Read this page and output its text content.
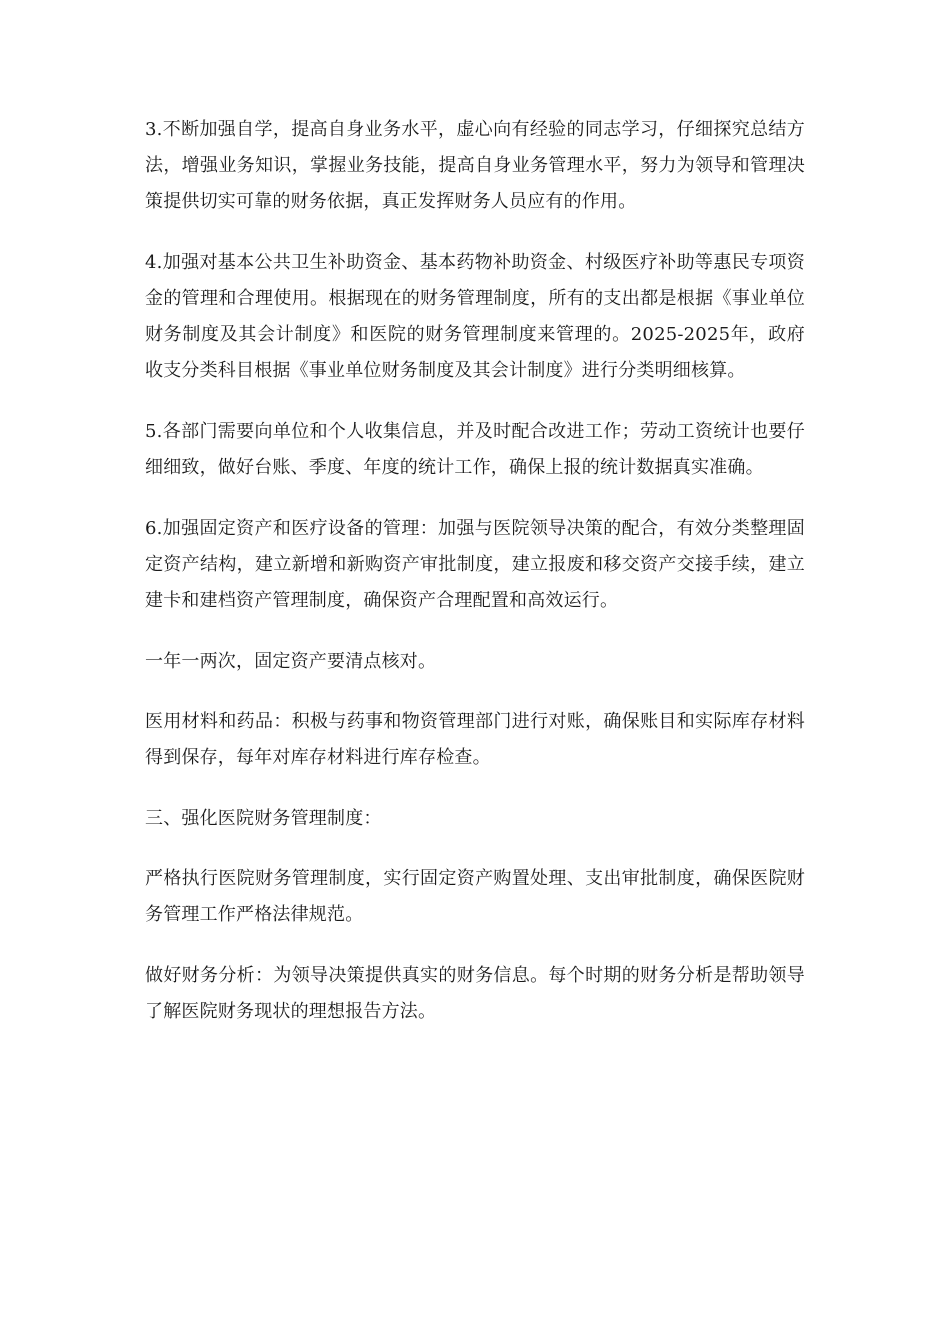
3.不断加强自学，提高自身业务水平，虚心向有经验的同志学习，仔细探究总结方法，增强业务知识，掌握业务技能，提高自身业务管理水平，努力为领导和管理决策提供切实可靠的财务依据，真正发挥财务人员应有的作用。

4.加强对基本公共卫生补助资金、基本药物补助资金、村级医疗补助等惠民专项资金的管理和合理使用。根据现在的财务管理制度，所有的支出都是根据《事业单位财务制度及其会计制度》和医院的财务管理制度来管理的。2025-2025年，政府收支分类科目根据《事业单位财务制度及其会计制度》进行分类明细核算。

5.各部门需要向单位和个人收集信息，并及时配合改进工作；劳动工资统计也要仔细细致，做好台账、季度、年度的统计工作，确保上报的统计数据真实准确。

6.加强固定资产和医疗设备的管理：加强与医院领导决策的配合，有效分类整理固定资产结构，建立新增和新购资产审批制度，建立报废和移交资产交接手续，建立建卡和建档资产管理制度，确保资产合理配置和高效运行。

一年一两次，固定资产要清点核对。

医用材料和药品：积极与药事和物资管理部门进行对账，确保账目和实际库存材料得到保存，每年对库存材料进行库存检查。

三、强化医院财务管理制度：

严格执行医院财务管理制度，实行固定资产购置处理、支出审批制度，确保医院财务管理工作严格法律规范。

做好财务分析：为领导决策提供真实的财务信息。每个时期的财务分析是帮助领导了解医院财务现状的理想报告方法。
